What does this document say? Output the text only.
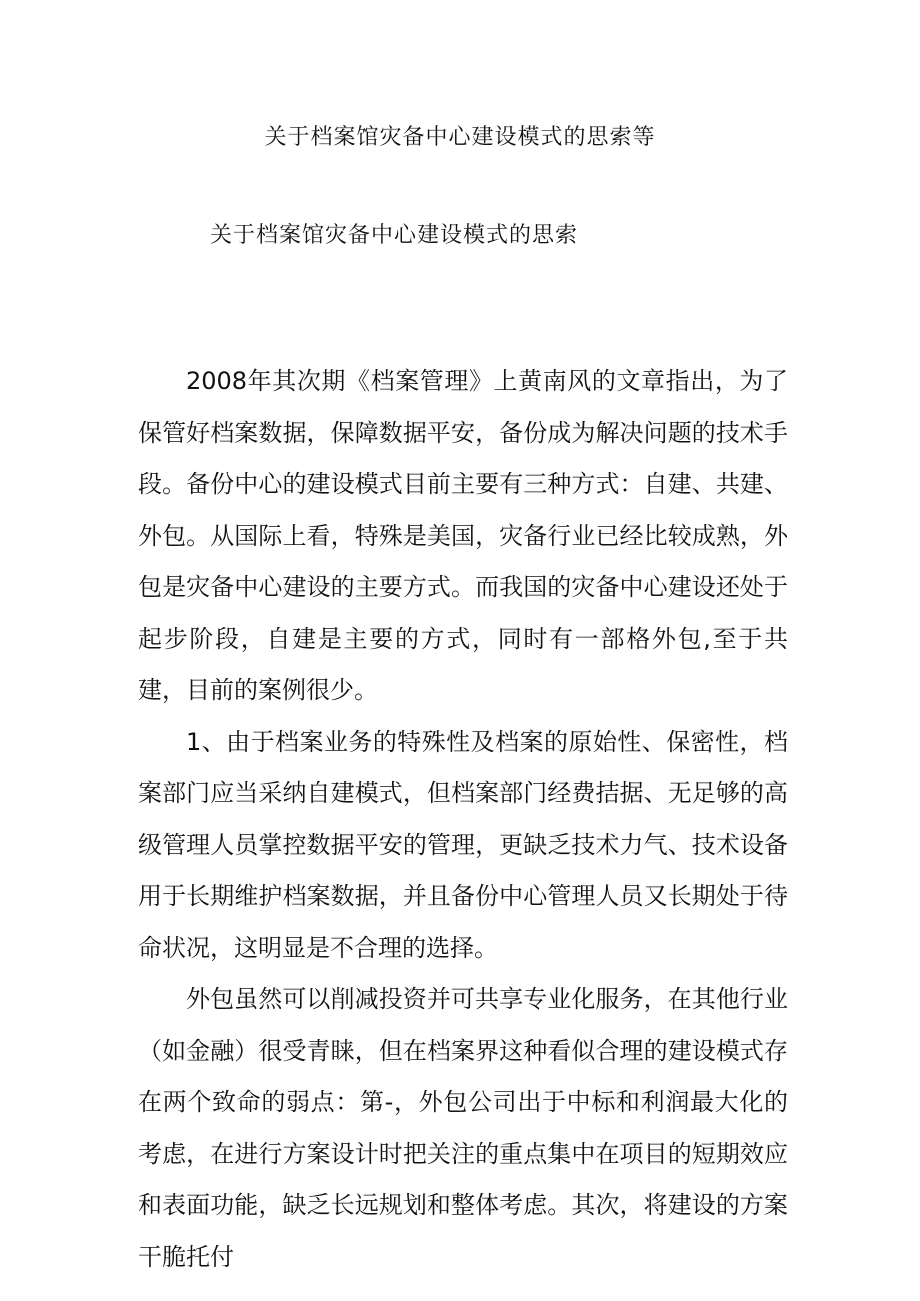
关于档案馆灾备中心建设模式的思索等
关于档案馆灾备中心建设模式的思索

2008年其次期《档案管理》上黄南风的文章指出，为了保管好档案数据，保障数据平安，备份成为解决问题的技术手段。备份中心的建设模式目前主要有三种方式：自建、共建、外包。从国际上看，特殊是美国，灾备行业已经比较成熟，外包是灾备中心建设的主要方式。而我国的灾备中心建设还处于起步阶段，自建是主要的方式，同时有一部格外包,至于共建，目前的案例很少。

1、由于档案业务的特殊性及档案的原始性、保密性，档案部门应当采纳自建模式，但档案部门经费拮据、无足够的高级管理人员掌控数据平安的管理，更缺乏技术力气、技术设备用于长期维护档案数据，并且备份中心管理人员又长期处于待命状况，这明显是不合理的选择。

外包虽然可以削减投资并可共享专业化服务，在其他行业（如金融）很受青睐，但在档案界这种看似合理的建设模式存在两个致命的弱点：第-，外包公司出于中标和利润最大化的考虑，在进行方案设计时把关注的重点集中在项目的短期效应和表面功能，缺乏长远规划和整体考虑。其次，将建设的方案干脆托付
